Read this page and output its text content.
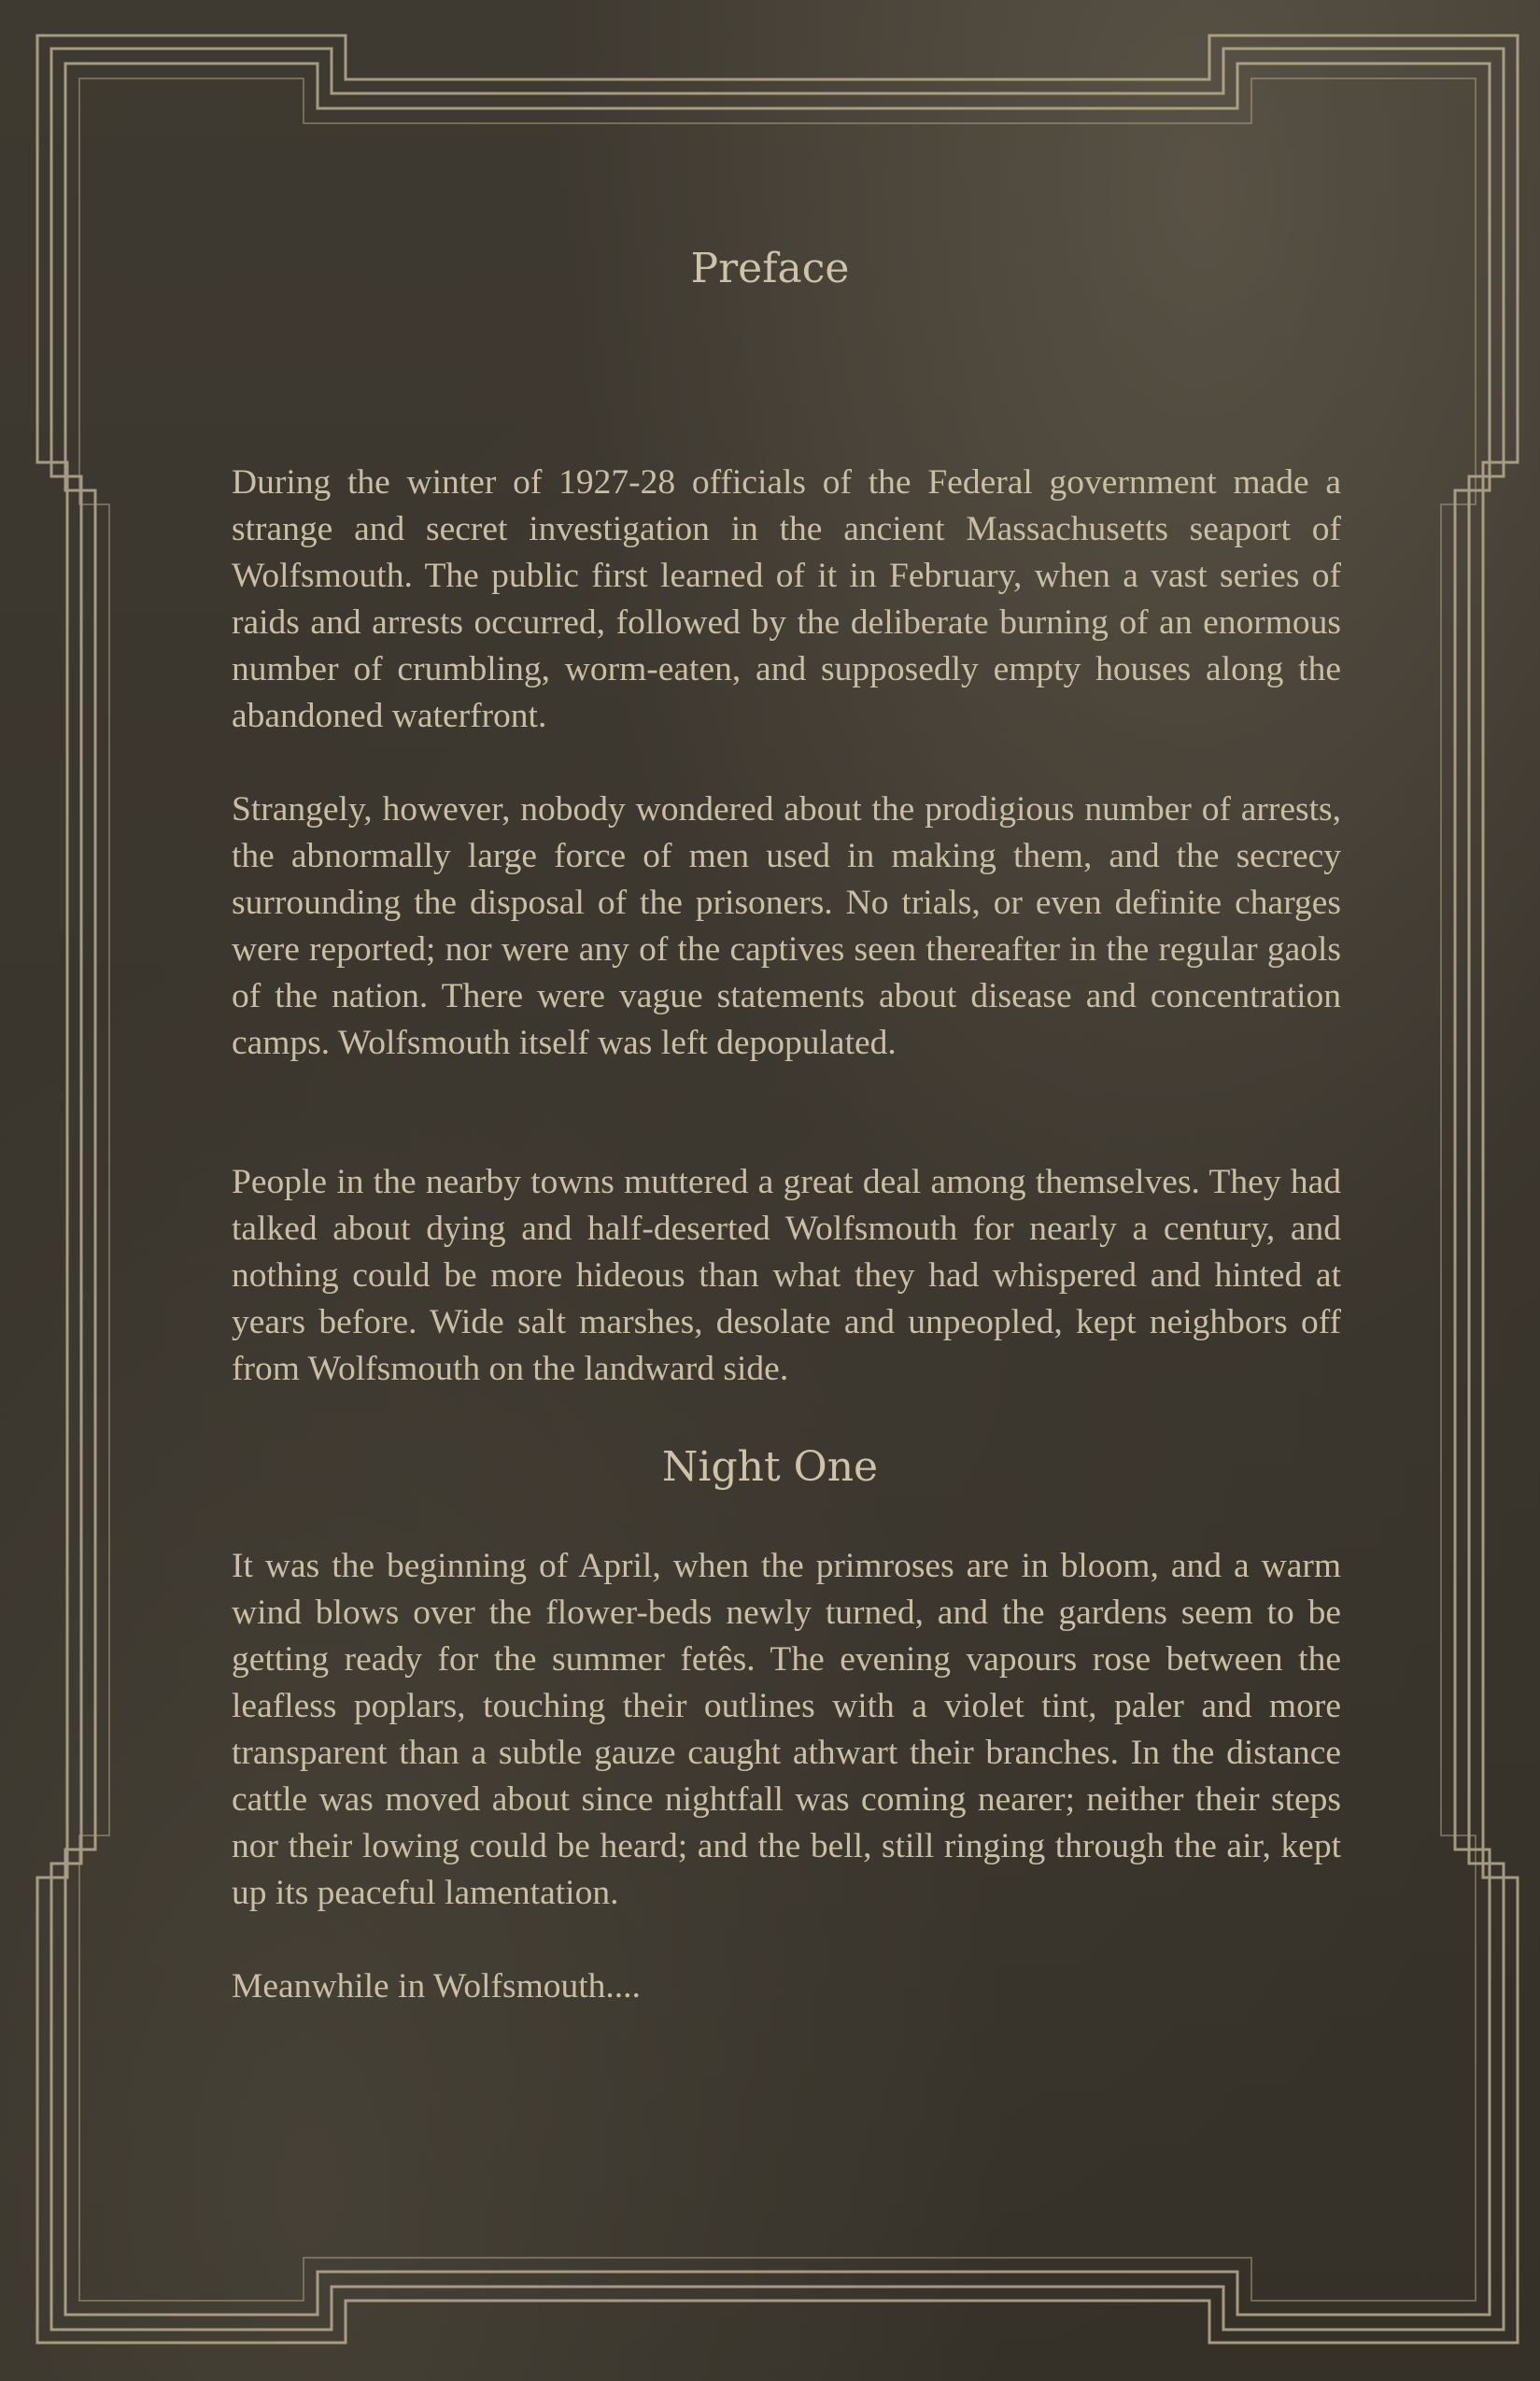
Preface

During the winter of 1927-28 officials of the Federal government made a strange and secret investigation in the ancient Massachusetts seaport of Wolfsmouth. The public first learned of it in February, when a vast series of raids and arrests occurred, followed by the deliberate burning of an enormous number of crumbling, worm-eaten, and supposedly empty houses along the abandoned waterfront.

Strangely, however, nobody wondered about the prodigious number of arrests, the abnormally large force of men used in making them, and the secrecy surrounding the disposal of the prisoners. No trials, or even definite charges were reported; nor were any of the captives seen thereafter in the regular gaols of the nation. There were vague statements about disease and concentration camps. Wolfsmouth itself was left depopulated.

People in the nearby towns muttered a great deal among themselves. They had talked about dying and half-deserted Wolfsmouth for nearly a century, and nothing could be more hideous than what they had whispered and hinted at years before. Wide salt marshes, desolate and unpeopled, kept neighbors off from Wolfsmouth on the landward side.

Night One

It was the beginning of April, when the primroses are in bloom, and a warm wind blows over the flower-beds newly turned, and the gardens seem to be getting ready for the summer fetês. The evening vapours rose between the leafless poplars, touching their outlines with a violet tint, paler and more transparent than a subtle gauze caught athwart their branches. In the distance cattle was moved about since nightfall was coming nearer; neither their steps nor their lowing could be heard; and the bell, still ringing through the air, kept up its peaceful lamentation.

Meanwhile in Wolfsmouth....
